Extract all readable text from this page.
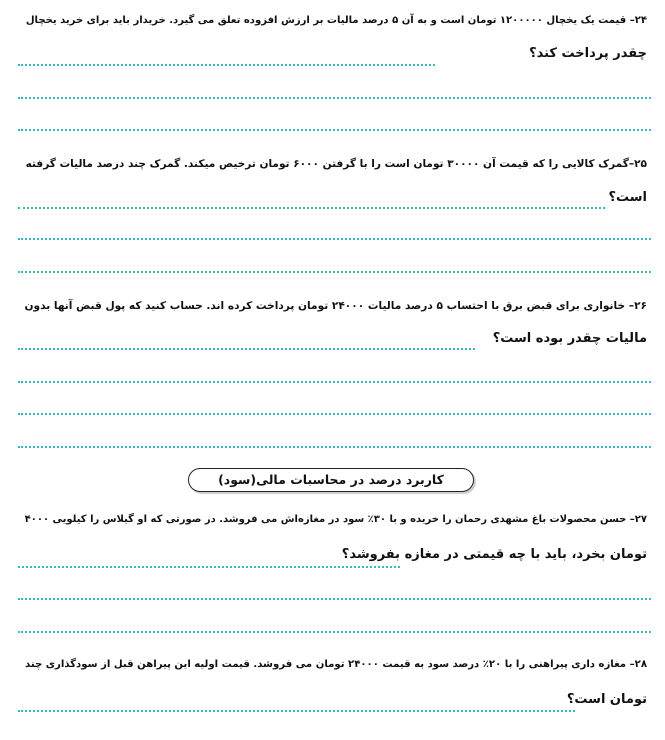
۲۴– قیمت یک یخچال ۱۲۰۰۰۰۰ تومان است و به آن ۵ درصد مالیات بر ارزش افزوده تعلق می گیرد. خریدار باید برای خرید یخچال
چقدر پرداخت کند؟
۲۵–گمرک کالایی را که قیمت آن ۳۰۰۰۰ تومان است را با گرفتن ۶۰۰۰ تومان ترخیص میکند. گمرک چند درصد مالیات گرفته
است؟
۲۶– خانواری برای قبض برق با احتساب ۵ درصد مالیات ۲۴۰۰۰ تومان پرداخت کرده اند. حساب کنید که پول قبض آنها بدون
مالیات چقدر بوده است؟
کاربرد درصد در محاسبات مالی(سود)
۲۷– حسن محصولات باغ مشهدی رحمان را خریده و با ۳۰٪ سود در مغازه‌اش می فروشد. در صورتی که او گیلاس را کیلویی ۴۰۰۰
تومان بخرد، باید با چه قیمتی در مغازه بفروشد؟
۲۸– مغازه داری پیراهنی را با ۲۰٪ درصد سود به قیمت ۲۴۰۰۰ تومان می فروشد. قیمت اولیه این پیراهن قبل از سودگذاری چند
تومان است؟
